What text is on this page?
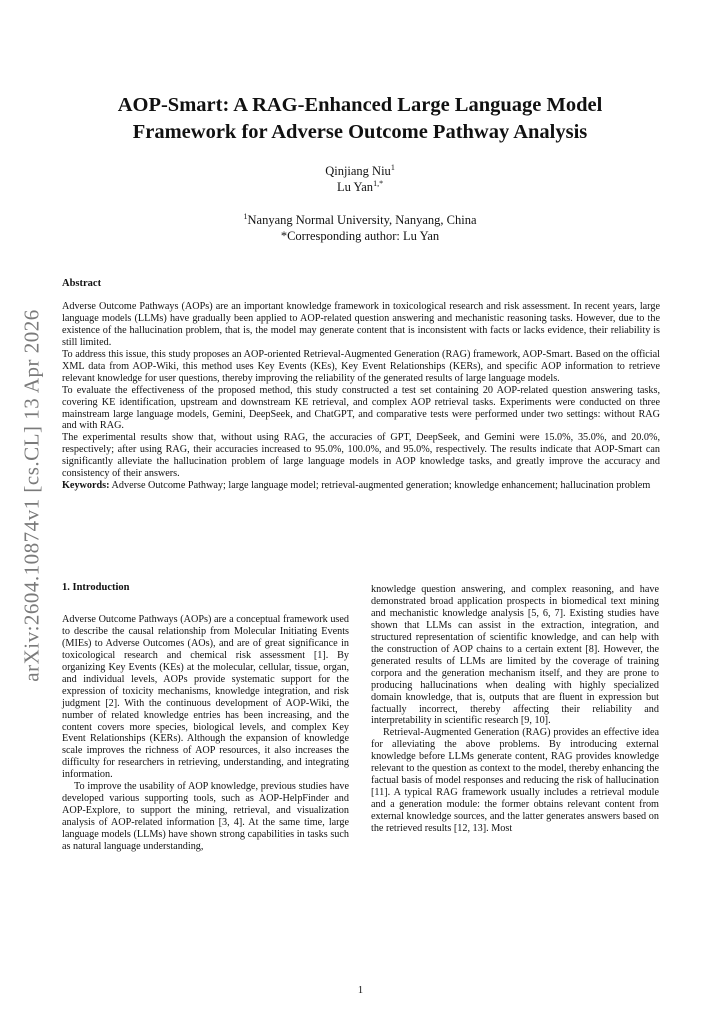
arXiv:2604.10874v1 [cs.CL] 13 Apr 2026
AOP-Smart: A RAG-Enhanced Large Language Model
Framework for Adverse Outcome Pathway Analysis
Qinjiang Niu$^1$
Lu Yan$^{1,*}$
$^1$Nanyang Normal University, Nanyang, China
*Corresponding author: Lu Yan
Abstract

Adverse Outcome Pathways (AOPs) are an important knowledge framework in toxicological research and risk assessment. In recent years, large language models (LLMs) have gradually been applied to AOP-related question answering and mechanistic reasoning tasks. However, due to the existence of the hallucination problem, that is, the model may generate content that is inconsistent with facts or lacks evidence, their reliability is still limited.

To address this issue, this study proposes an AOP-oriented Retrieval-Augmented Generation (RAG) framework, AOP-Smart. Based on the official XML data from AOP-Wiki, this method uses Key Events (KEs), Key Event Relationships (KERs), and specific AOP information to retrieve relevant knowledge for user questions, thereby improving the reliability of the generated results of large language models.

To evaluate the effectiveness of the proposed method, this study constructed a test set containing 20 AOP-related question answering tasks, covering KE identification, upstream and downstream KE retrieval, and complex AOP retrieval tasks. Experiments were conducted on three mainstream large language models, Gemini, DeepSeek, and ChatGPT, and comparative tests were performed under two settings: without RAG and with RAG.

The experimental results show that, without using RAG, the accuracies of GPT, DeepSeek, and Gemini were 15.0%, 35.0%, and 20.0%, respectively; after using RAG, their accuracies increased to 95.0%, 100.0%, and 95.0%, respectively. The results indicate that AOP-Smart can significantly alleviate the hallucination problem of large language models in AOP knowledge tasks, and greatly improve the accuracy and consistency of their answers.

Keywords: Adverse Outcome Pathway; large language model; retrieval-augmented generation; knowledge enhancement; hallucination problem

1. Introduction

Adverse Outcome Pathways (AOPs) are a conceptual framework used to describe the causal relationship from Molecular Initiating Events (MIEs) to Adverse Outcomes (AOs), and are of great significance in toxicological research and chemical risk assessment [1]. By organizing Key Events (KEs) at the molecular, cellular, tissue, organ, and individual levels, AOPs provide systematic support for the expression of toxicity mechanisms, knowledge integration, and risk judgment [2]. With the continuous development of AOP-Wiki, the number of related knowledge entries has been increasing, and the content covers more species, biological levels, and complex Key Event Relationships (KERs). Although the expansion of knowledge scale improves the richness of AOP resources, it also increases the difficulty for researchers in retrieving, understanding, and integrating information.

To improve the usability of AOP knowledge, previous studies have developed various supporting tools, such as AOP-HelpFinder and AOP-Explore, to support the mining, retrieval, and visualization analysis of AOP-related information [3, 4]. At the same time, large language models (LLMs) have shown strong capabilities in tasks such as natural language understanding,

knowledge question answering, and complex reasoning, and have demonstrated broad application prospects in biomedical text mining and mechanistic knowledge analysis [5, 6, 7]. Existing studies have shown that LLMs can assist in the extraction, integration, and structured representation of scientific knowledge, and can help with the construction of AOP chains to a certain extent [8]. However, the generated results of LLMs are limited by the coverage of training corpora and the generation mechanism itself, and they are prone to producing hallucinations when dealing with highly specialized domain knowledge, that is, outputs that are fluent in expression but factually incorrect, thereby affecting their reliability and interpretability in scientific research [9, 10].

Retrieval-Augmented Generation (RAG) provides an effective idea for alleviating the above problems. By introducing external knowledge before LLMs generate content, RAG provides knowledge relevant to the question as context to the model, thereby enhancing the factual basis of model responses and reducing the risk of hallucination [11]. A typical RAG framework usually includes a retrieval module and a generation module: the former obtains relevant content from external knowledge sources, and the latter generates answers based on the retrieved results [12, 13]. Most

1
